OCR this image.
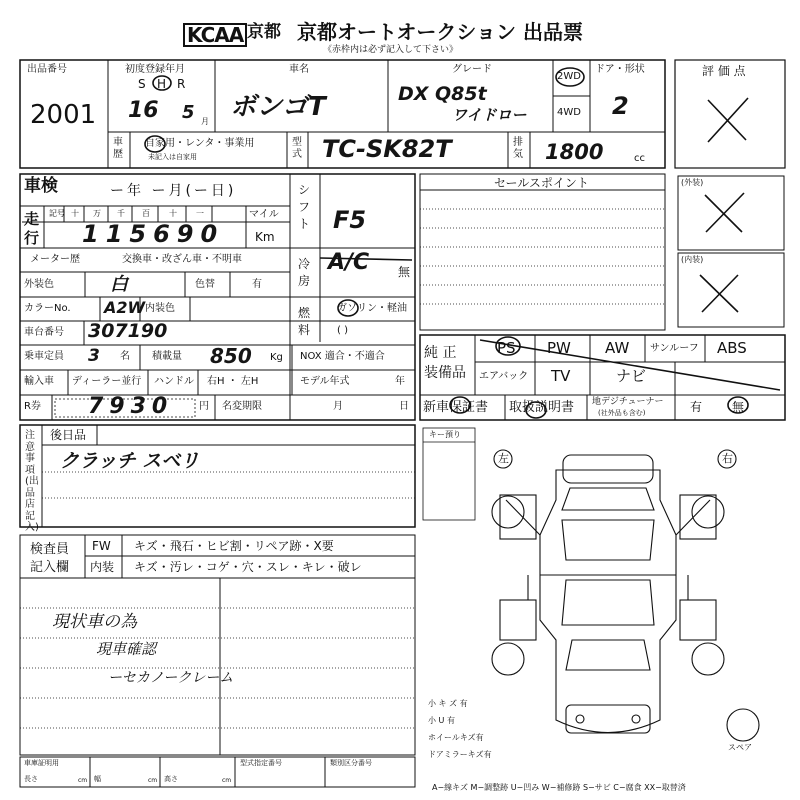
KCAA 京都 京都オートオークション 出品票
《赤枠内は必ず記入して下さい》
出品番号
2001
初度登録年月
S H R
16 5 月
車名
ボンゴT
グレード
DX Q85t
ワイドロー
2WD
4WD
ドア・形状
2
評 価 点
車歴
自家用・レンタ・事業用
未記入は自家用
型式 TC-SK82T	排気 1800	cc
車検	ー年 ー月(ー日)
走行
記号 十 万 千 百 十 一
115690
マイル
Km
メーター歴	交換車・改ざん車・不明車
外装色	白	色替	有
カラーNo. A2W 内装色
車台番号 307190
乗車定員 3 名 積載量 850 Kg NOX 適合・不適合
輸入車 ディーラー並行 ハンドル 右H ・ 左H	モデル年式	年
R券 7930	円 名変期限	月	日
シフト F5
冷房
A/C 無
燃料
ガソリン・軽油
( )
セールスポイント	(外装)
(内装)
純 正 装備品
PS PW AW サンルーフ ABS
エアバック TV	ナビ
新車保証書 取扱説明書 地デジチューナー
(社外品も含む)	有 無
注意事項(出品店記入)
後日品
クラッチ スベリ
検査員記入欄
FW キズ・飛石・ヒビ割・リペア跡・X要
内装 キズ・汚レ・コゲ・穴・スレ・キレ・破レ
現状車の為
現車確認
ーセカノークレーム
キー預り
左	右
小 キ ズ 有
小 U 有
ホイールキズ有
ドアミラーキズ有
スペア
車庫証明用
長さ	cm 幅	cm 高さ	cm
型式指定番号	類別区分番号
A−線キズ M−調整跡 U−凹み W−補修跡 S−サビ C−腐食 XX−取替済
